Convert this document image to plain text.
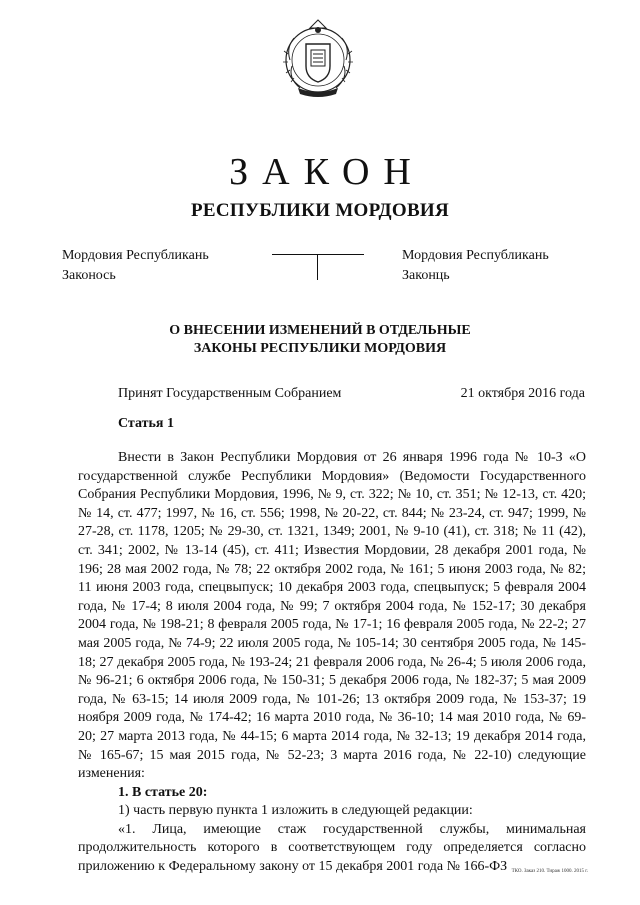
ЗАКОН
РЕСПУБЛИКИ МОРДОВИЯ
Мордовия Республикань
Законось
Мордовия Республикань
Законць
О ВНЕСЕНИИ ИЗМЕНЕНИЙ В ОТДЕЛЬНЫЕ
ЗАКОНЫ РЕСПУБЛИКИ МОРДОВИЯ
Принят Государственным Собранием	21 октября 2016 года
Статья 1

Внести в Закон Республики Мордовия от 26 января 1996 года № 10-З «О государственной службе Республики Мордовия» (Ведомости Государственного Собрания Республики Мордовия, 1996, № 9, ст. 322; № 10, ст. 351; № 12-13, ст. 420; № 14, ст. 477; 1997, № 16, ст. 556; 1998, № 20-22, ст. 844; № 23-24, ст. 947; 1999, № 27-28, ст. 1178, 1205; № 29-30, ст. 1321, 1349; 2001, № 9-10 (41), ст. 318; № 11 (42), ст. 341; 2002, № 13-14 (45), ст. 411; Известия Мордовии, 28 декабря 2001 года, № 196; 28 мая 2002 года, № 78; 22 октября 2002 года, № 161; 5 июня 2003 года, № 82; 11 июня 2003 года, спецвыпуск; 10 декабря 2003 года, спецвыпуск; 5 февраля 2004 года, № 17-4; 8 июля 2004 года, № 99; 7 октября 2004 года, № 152-17; 30 декабря 2004 года, № 198-21; 8 февраля 2005 года, № 17-1; 16 февраля 2005 года, № 22-2; 27 мая 2005 года, № 74-9; 22 июля 2005 года, № 105-14; 30 сентября 2005 года, № 145-18; 27 декабря 2005 года, № 193-24; 21 февраля 2006 года, № 26-4; 5 июля 2006 года, № 96-21; 6 октября 2006 года, № 150-31; 5 декабря 2006 года, № 182-37; 5 мая 2009 года, № 63-15; 14 июля 2009 года, № 101-26; 13 октября 2009 года, № 153-37; 19 ноября 2009 года, № 174-42; 16 марта 2010 года, № 36-10; 14 мая 2010 года, № 69-20; 27 марта 2013 года, № 44-15; 6 марта 2014 года, № 32-13; 19 декабря 2014 года, № 165-67; 15 мая 2015 года, № 52-23; 3 марта 2016 года, № 22-10) следующие изменения:

1. В статье 20:

1) часть первую пункта 1 изложить в следующей редакции:

«1. Лица, имеющие стаж государственной службы, минимальная продолжительность которого в соответствующем году определяется согласно приложению к Федеральному закону от 15 декабря 2001 года № 166-ФЗ ТКО. Заказ 210. Тираж 1000. 2015 г.
